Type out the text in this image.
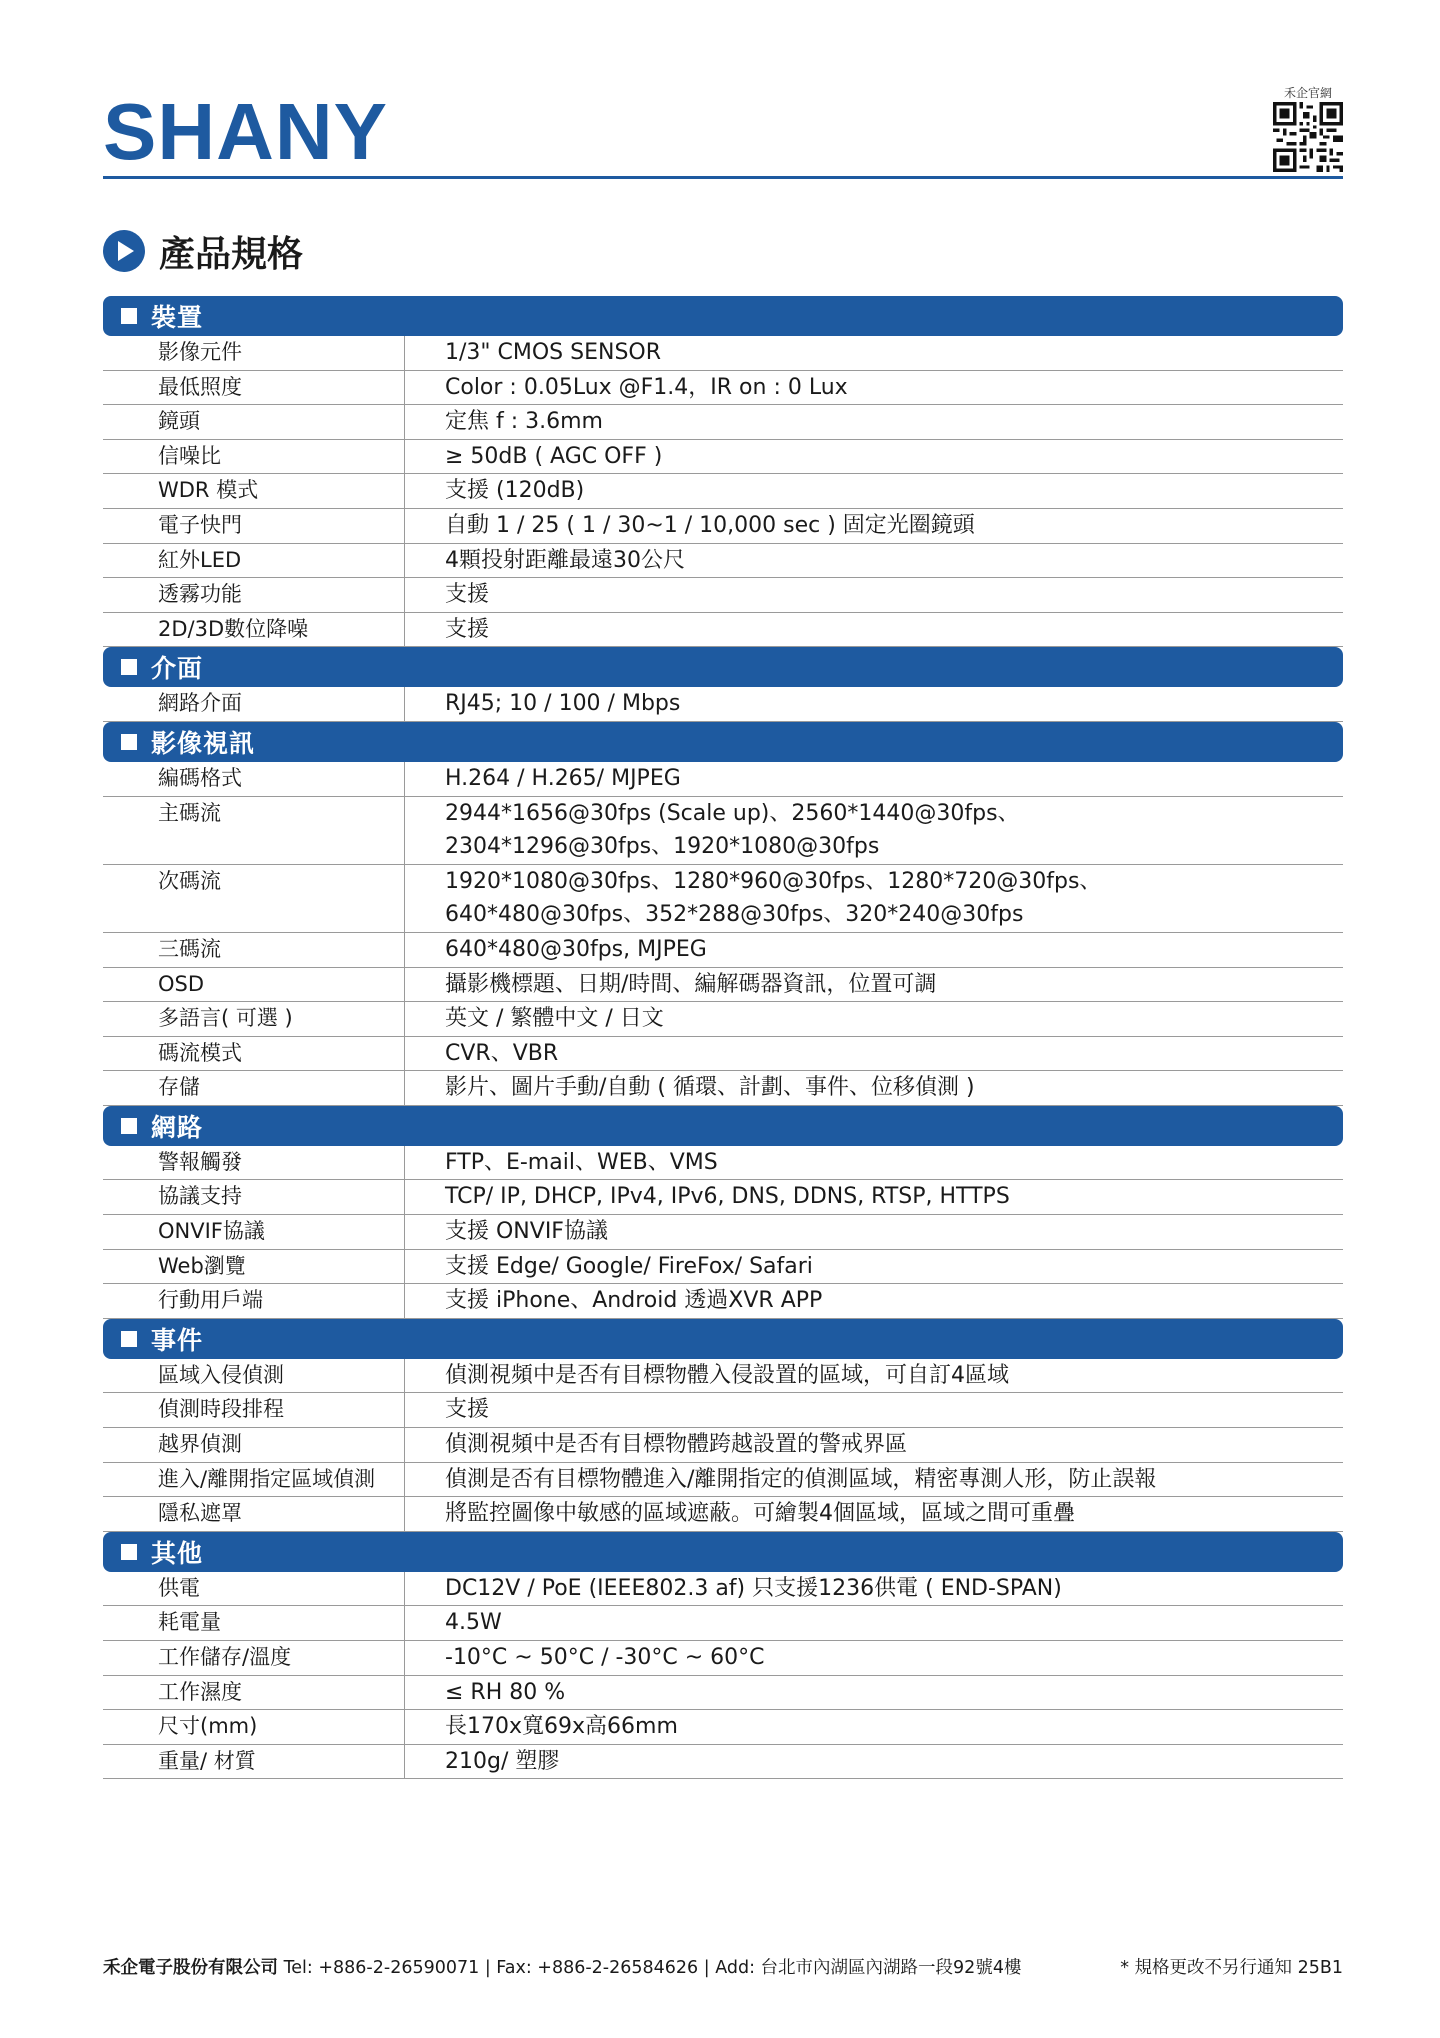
SHANY	禾企官網
產品規格
裝置
影像元件	1/3" CMOS SENSOR
最低照度	Color : 0.05Lux @F1.4，IR on : 0 Lux
鏡頭	定焦 f : 3.6mm
信噪比	≥ 50dB ( AGC OFF )
WDR 模式	支援 (120dB)
電子快門	自動 1 / 25 ( 1 / 30~1 / 10,000 sec ) 固定光圈鏡頭
紅外LED	4顆投射距離最遠30公尺
透霧功能	支援
2D/3D數位降噪	支援
介面
網路介面	RJ45; 10 / 100 / Mbps
影像視訊
編碼格式	H.264 / H.265/ MJPEG
主碼流	2944*1656@30fps (Scale up)、2560*1440@30fps、
2304*1296@30fps、1920*1080@30fps
次碼流	1920*1080@30fps、1280*960@30fps、1280*720@30fps、
640*480@30fps、352*288@30fps、320*240@30fps
三碼流	640*480@30fps, MJPEG
OSD	攝影機標題、日期/時間、編解碼器資訊，位置可調
多語言( 可選 )	英文 / 繁體中文 / 日文
碼流模式	CVR、VBR
存儲	影片、圖片手動/自動 ( 循環、計劃、事件、位移偵測 )
網路
警報觸發	FTP、E-mail、WEB、VMS
協議支持	TCP/ IP, DHCP, IPv4, IPv6, DNS, DDNS, RTSP, HTTPS
ONVIF協議	支援 ONVIF協議
Web瀏覽	支援 Edge/ Google/ FireFox/ Safari
行動用戶端	支援 iPhone、Android 透過XVR APP
事件
區域入侵偵測	偵測視頻中是否有目標物體入侵設置的區域，可自訂4區域
偵測時段排程	支援
越界偵測	偵測視頻中是否有目標物體跨越設置的警戒界區
進入/離開指定區域偵測	偵測是否有目標物體進入/離開指定的偵測區域，精密專測人形，防止誤報
隱私遮罩	將監控圖像中敏感的區域遮蔽。可繪製4個區域，區域之間可重疊
其他
供電	DC12V / PoE (IEEE802.3 af) 只支援1236供電 ( END-SPAN)
耗電量	4.5W
工作儲存/溫度	-10°C ~ 50°C / -30°C ~ 60°C
工作濕度	≤ RH 80 %
尺寸(mm)	長170x寬69x高66mm
重量/ 材質	210g/ 塑膠
禾企電子股份有限公司 Tel: +886-2-26590071 | Fax: +886-2-26584626 | Add: 台北市內湖區內湖路一段92號4樓	* 規格更改不另行通知 25B1
